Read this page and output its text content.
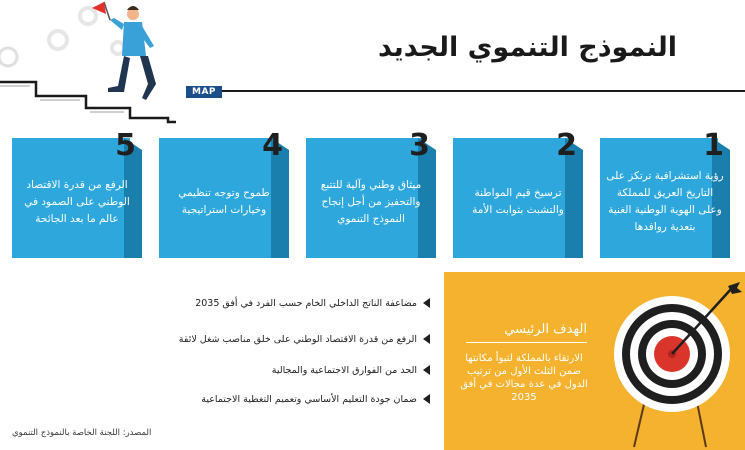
النموذج التنموي الجديد
MAP
1
رؤية استشرافية ترتكز على التاريخ العريق للمملكة وعلى الهوية الوطنية الغنية بتعدية روافدها
2
ترسيخ قيم المواطنة والتشبث بثوابت الأمة
3
ميثاق وطني وآلية للتتبع والتحفيز من أجل إنجاح النموذج التنموي
4
طموح وتوجه تنظيمي وخيارات استراتيجية
5
الرفع من قدرة الاقتصاد الوطني على الصمود في عالم ما بعد الجائحة
مضاعفة الناتج الداخلي الخام حسب الفرد في أفق 2035
الرفع من قدرة الاقتصاد الوطني على خلق مناصب شغل لائقة
الحد من الفوارق الاجتماعية والمجالية
ضمان جودة التعليم الأساسي وتعميم التغطية الاجتماعية
الهدف الرئيسي
الارتقاء بالمملكة لتبوأ مكانتها ضمن الثلث الأول من ترتيب الدول في عدة مجالات في أفق 2035
المصدر: اللجنة الخاصة بالنموذج التنموي
